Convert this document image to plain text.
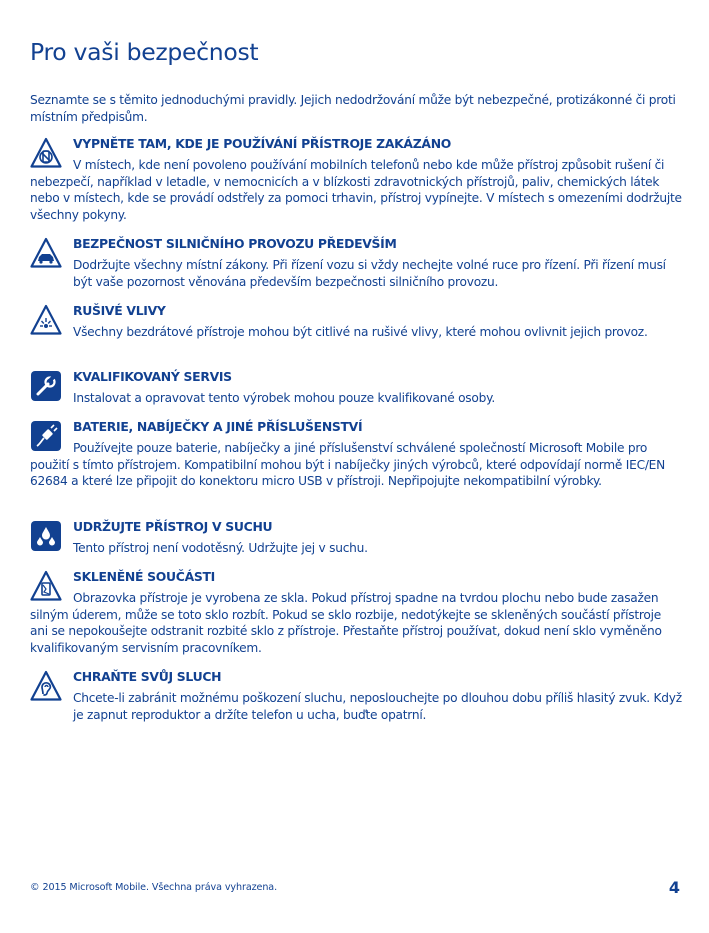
Pro vaši bezpečnost
Seznamte se s těmito jednoduchými pravidly. Jejich nedodržování může být nebezpečné, protizákonné či proti místním předpisům.
VYPNĚTE TAM, KDE JE POUŽÍVÁNÍ PŘÍSTROJE ZAKÁZÁNO
V místech, kde není povoleno používání mobilních telefonů nebo kde může přístroj způsobit rušení či nebezpečí, například v letadle, v nemocnicích a v blízkosti zdravotnických přístrojů, paliv, chemických látek nebo v místech, kde se provádí odstřely za pomoci trhavin, přístroj vypínejte. V místech s omezeními dodržujte všechny pokyny.
BEZPEČNOST SILNIČNÍHO PROVOZU PŘEDEVŠÍM
Dodržujte všechny místní zákony. Při řízení vozu si vždy nechejte volné ruce pro řízení. Při řízení musí být vaše pozornost věnována především bezpečnosti silničního provozu.
RUŠIVÉ VLIVY
Všechny bezdrátové přístroje mohou být citlivé na rušivé vlivy, které mohou ovlivnit jejich provoz.
KVALIFIKOVANÝ SERVIS
Instalovat a opravovat tento výrobek mohou pouze kvalifikované osoby.
BATERIE, NABÍJEČKY A JINÉ PŘÍSLUŠENSTVÍ
Používejte pouze baterie, nabíječky a jiné příslušenství schválené společností Microsoft Mobile pro použití s tímto přístrojem. Kompatibilní mohou být i nabíječky jiných výrobců, které odpovídají normě IEC/EN 62684 a které lze připojit do konektoru micro USB v přístroji. Nepřipojujte nekompatibilní výrobky.
UDRŽUJTE PŘÍSTROJ V SUCHU
Tento přístroj není vodotěsný. Udržujte jej v suchu.
SKLENĚNÉ SOUČÁSTI
Obrazovka přístroje je vyrobena ze skla. Pokud přístroj spadne na tvrdou plochu nebo bude zasažen silným úderem, může se toto sklo rozbít. Pokud se sklo rozbije, nedotýkejte se skleněných součástí přístroje ani se nepokoušejte odstranit rozbité sklo z přístroje. Přestaňte přístroj používat, dokud není sklo vyměněno kvalifikovaným servisním pracovníkem.
CHRAŇTE SVŮJ SLUCH
Chcete-li zabránit možnému poškození sluchu, neposlouchejte po dlouhou dobu příliš hlasitý zvuk. Když je zapnut reproduktor a držíte telefon u ucha, buďte opatrní.
© 2015 Microsoft Mobile. Všechna práva vyhrazena.	4
